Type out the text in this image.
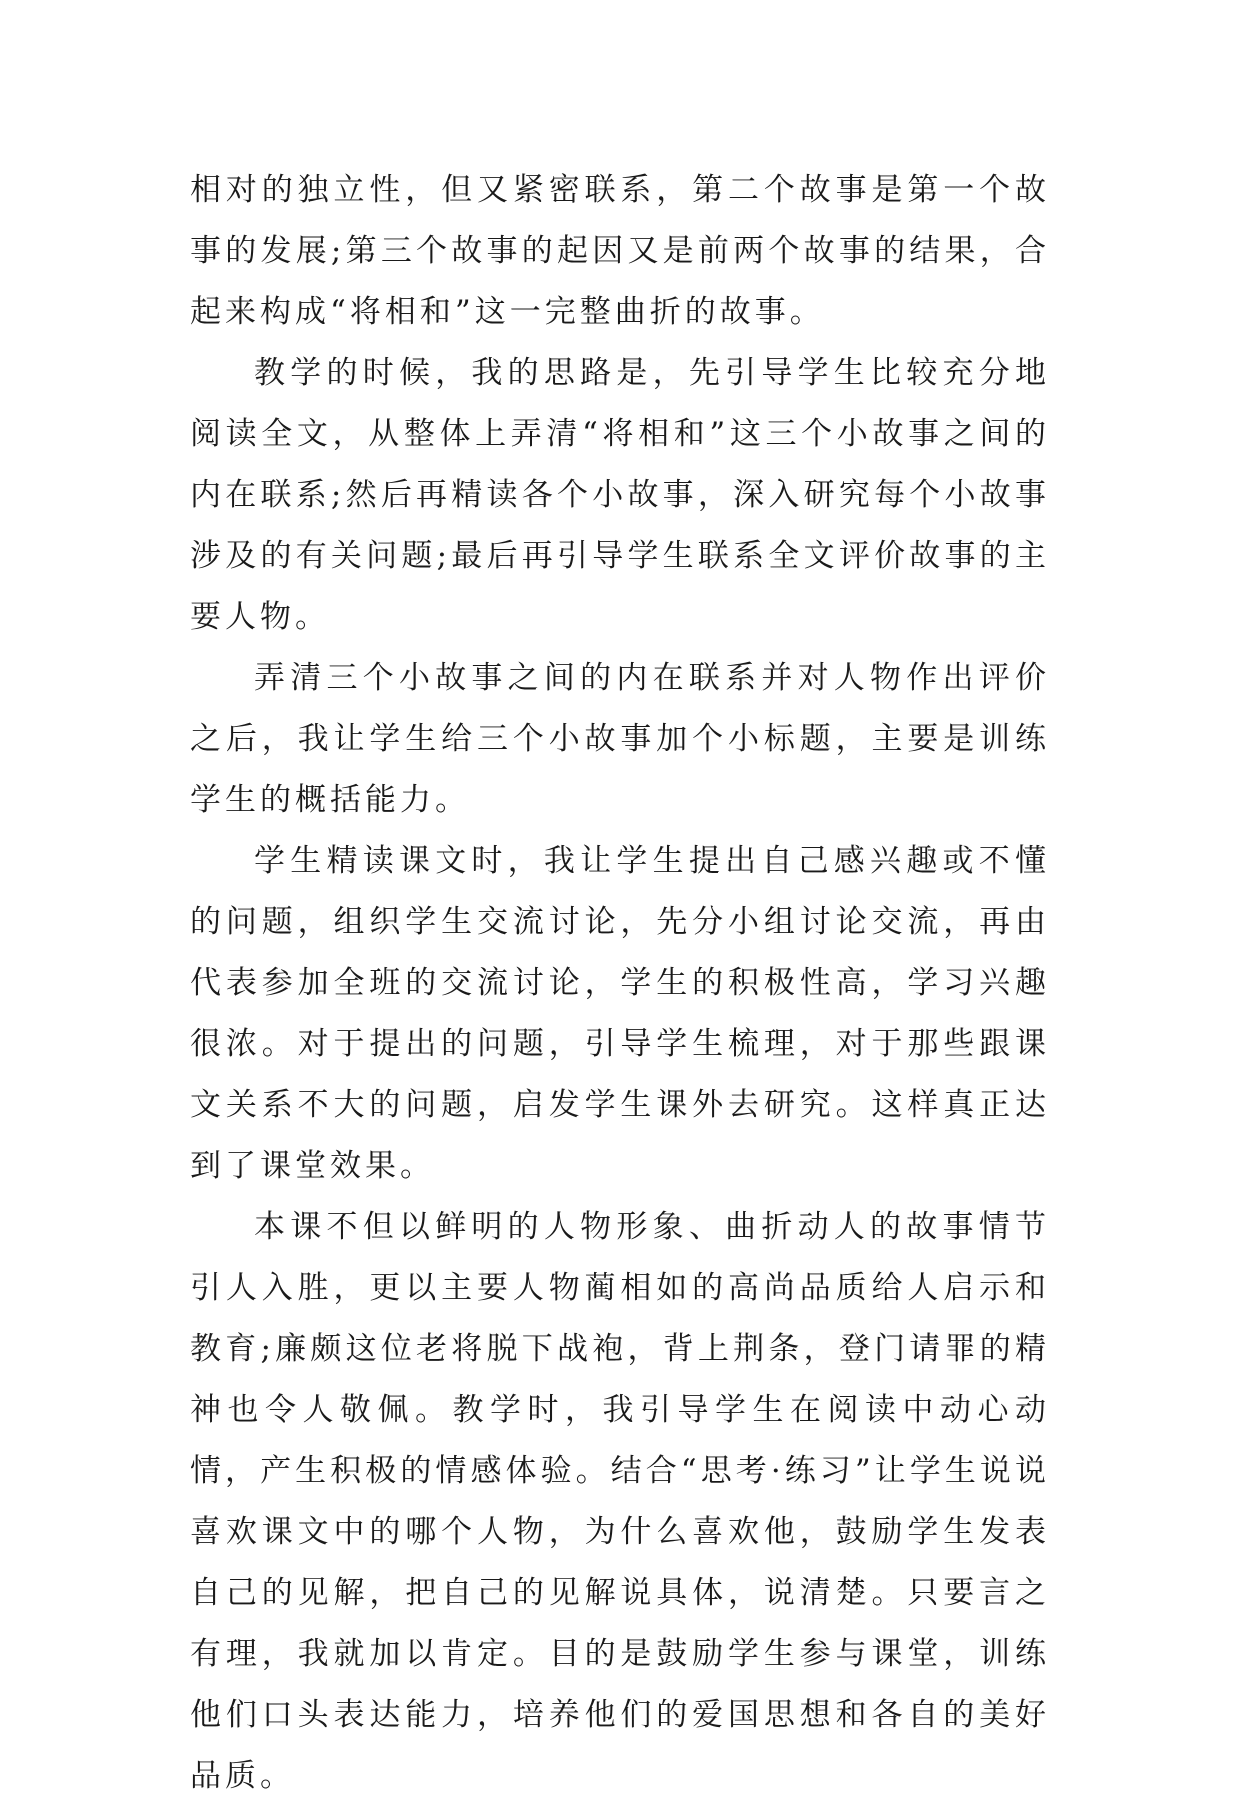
相对的独立性，但又紧密联系，第二个故事是第一个故事的发展;第三个故事的起因又是前两个故事的结果，合起来构成“将相和”这一完整曲折的故事。

教学的时候，我的思路是，先引导学生比较充分地阅读全文，从整体上弄清“将相和”这三个小故事之间的内在联系;然后再精读各个小故事，深入研究每个小故事涉及的有关问题;最后再引导学生联系全文评价故事的主要人物。

弄清三个小故事之间的内在联系并对人物作出评价之后，我让学生给三个小故事加个小标题，主要是训练学生的概括能力。

学生精读课文时，我让学生提出自己感兴趣或不懂的问题，组织学生交流讨论，先分小组讨论交流，再由代表参加全班的交流讨论，学生的积极性高，学习兴趣很浓。对于提出的问题，引导学生梳理，对于那些跟课文关系不大的问题，启发学生课外去研究。这样真正达到了课堂效果。

本课不但以鲜明的人物形象、曲折动人的故事情节引人入胜，更以主要人物蔺相如的高尚品质给人启示和教育;廉颇这位老将脱下战袍，背上荆条，登门请罪的精神也令人敬佩。教学时，我引导学生在阅读中动心动情，产生积极的情感体验。结合“思考·练习”让学生说说喜欢课文中的哪个人物，为什么喜欢他，鼓励学生发表自己的见解，把自己的见解说具体，说清楚。只要言之有理，我就加以肯定。目的是鼓励学生参与课堂，训练他们口头表达能力，培养他们的爱国思想和各自的美好品质。
